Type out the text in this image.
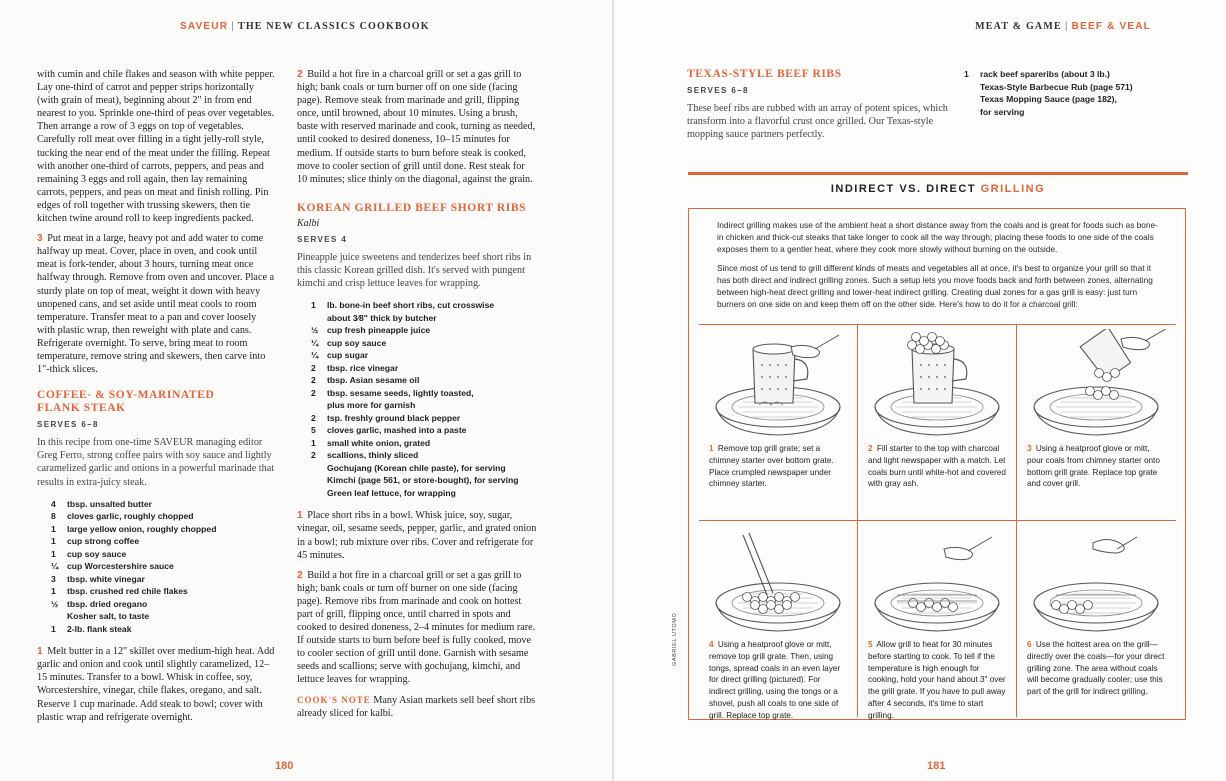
SAVEUR | THE NEW CLASSICS COOKBOOK

with cumin and chile flakes and season with white pepper. Lay one-third of carrot and pepper strips horizontally (with grain of meat), beginning about 2" in from end nearest to you. Sprinkle one-third of peas over vegetables. Then arrange a row of 3 eggs on top of vegetables. Carefully roll meat over filling in a tight jelly-roll style, tucking the near end of the meat under the filling. Repeat with another one-third of carrots, peppers, and peas and remaining 3 eggs and roll again, then lay remaining carrots, peppers, and peas on meat and finish rolling. Pin edges of roll together with trussing skewers, then tie kitchen twine around roll to keep ingredients packed.

3 Put meat in a large, heavy pot and add water to come halfway up meat. Cover, place in oven, and cook until meat is fork-tender, about 3 hours, turning meat once halfway through. Remove from oven and uncover. Place a sturdy plate on top of meat, weight it down with heavy unopened cans, and set aside until meat cools to room temperature. Transfer meat to a pan and cover loosely with plastic wrap, then reweight with plate and cans. Refrigerate overnight. To serve, bring meat to room temperature, remove string and skewers, then carve into 1"-thick slices.

COFFEE- & SOY-MARINATED FLANK STEAK
SERVES 6–8

In this recipe from one-time SAVEUR managing editor Greg Ferro, strong coffee pairs with soy sauce and lightly caramelized garlic and onions in a powerful marinade that results in extra-juicy steak.

4	tbsp. unsalted butter
8	cloves garlic, roughly chopped
1	large yellow onion, roughly chopped
1	cup strong coffee
1	cup soy sauce
¼	cup Worcestershire sauce
3	tbsp. white vinegar
1	tbsp. crushed red chile flakes
½	tbsp. dried oregano
Kosher salt, to taste
1	2-lb. flank steak

1 Melt butter in a 12" skillet over medium-high heat. Add garlic and onion and cook until slightly caramelized, 12–15 minutes. Transfer to a bowl. Whisk in coffee, soy, Worcestershire, vinegar, chile flakes, oregano, and salt. Reserve 1 cup marinade. Add steak to bowl; cover with plastic wrap and refrigerate overnight.

2 Build a hot fire in a charcoal grill or set a gas grill to high; bank coals or turn burner off on one side (facing page). Remove steak from marinade and grill, flipping once, until browned, about 10 minutes. Using a brush, baste with reserved marinade and cook, turning as needed, until cooked to desired doneness, 10–15 minutes for medium. If outside starts to burn before steak is cooked, move to cooler section of grill until done. Rest steak for 10 minutes; slice thinly on the diagonal, against the grain.

KOREAN GRILLED BEEF SHORT RIBS
Kalbi
SERVES 4

Pineapple juice sweetens and tenderizes beef short ribs in this classic Korean grilled dish. It's served with pungent kimchi and crisp lettuce leaves for wrapping.

1	lb. bone-in beef short ribs, cut crosswise
about 3⁄8" thick by butcher
½	cup fresh pineapple juice
¼	cup soy sauce
¼	cup sugar
2	tbsp. rice vinegar
2	tbsp. Asian sesame oil
2	tbsp. sesame seeds, lightly toasted,
plus more for garnish
2	tsp. freshly ground black pepper
5	cloves garlic, mashed into a paste
1	small white onion, grated
2	scallions, thinly sliced
Gochujang (Korean chile paste), for serving
Kimchi (page 561, or store-bought), for serving
Green leaf lettuce, for wrapping

1 Place short ribs in a bowl. Whisk juice, soy, sugar, vinegar, oil, sesame seeds, pepper, garlic, and grated onion in a bowl; rub mixture over ribs. Cover and refrigerate for 45 minutes.

2 Build a hot fire in a charcoal grill or set a gas grill to high; bank coals or turn off burner on one side (facing page). Remove ribs from marinade and cook on hottest part of grill, flipping once, until charred in spots and cooked to desired doneness, 2–4 minutes for medium rare. If outside starts to burn before beef is fully cooked, move to cooler section of grill until done. Garnish with sesame seeds and scallions; serve with gochujang, kimchi, and lettuce leaves for wrapping.

COOK'S NOTE Many Asian markets sell beef short ribs already sliced for kalbi.

180
MEAT & GAME | BEEF & VEAL
TEXAS-STYLE BEEF RIBS
SERVES 6–8

These beef ribs are rubbed with an array of potent spices, which transform into a flavorful crust once grilled. Our Texas-style mopping sauce partners perfectly.

1	rack beef spareribs (about 3 lb.)
Texas-Style Barbecue Rub (page 571)
Texas Mopping Sauce (page 182),
for serving
INDIRECT VS. DIRECT GRILLING

Indirect grilling makes use of the ambient heat a short distance away from the coals and is great for foods such as bone-in chicken and thick-cut steaks that take longer to cook all the way through; placing these foods to one side of the coals exposes them to a gentler heat, where they cook more slowly without burning on the outside.

Since most of us tend to grill different kinds of meats and vegetables all at once, it's best to organize your grill so that it has both direct and indirect grilling zones. Such a setup lets you move foods back and forth between zones, alternating between high-heat direct grilling and lower-heat indirect grilling. Creating dual zones for a gas grill is easy: just turn burners on one side on and keep them off on the other side. Here's how to do it for a charcoal grill:

1 Remove top grill grate; set a chimney starter over bottom grate. Place crumpled newspaper under chimney starter.
2 Fill starter to the top with charcoal and light newspaper with a match. Let coals burn until white-hot and covered with gray ash.
3 Using a heatproof glove or mitt, pour coals from chimney starter onto bottom grill grate. Replace top grate and cover grill.
4 Using a heatproof glove or mitt, remove top grill grate. Then, using tongs, spread coals in an even layer for direct grilling (pictured). For indirect grilling, using the tongs or a shovel, push all coals to one side of grill. Replace top grate.
5 Allow grill to heat for 30 minutes before starting to cook. To tell if the temperature is high enough for cooking, hold your hand about 3" over the grill grate. If you have to pull away after 4 seconds, it's time to start grilling.
6 Use the hottest area on the grill—directly over the coals—for your direct grilling zone. The area without coals will become gradually cooler; use this part of the grill for indirect grilling.
GABRIEL UTOMO
181
